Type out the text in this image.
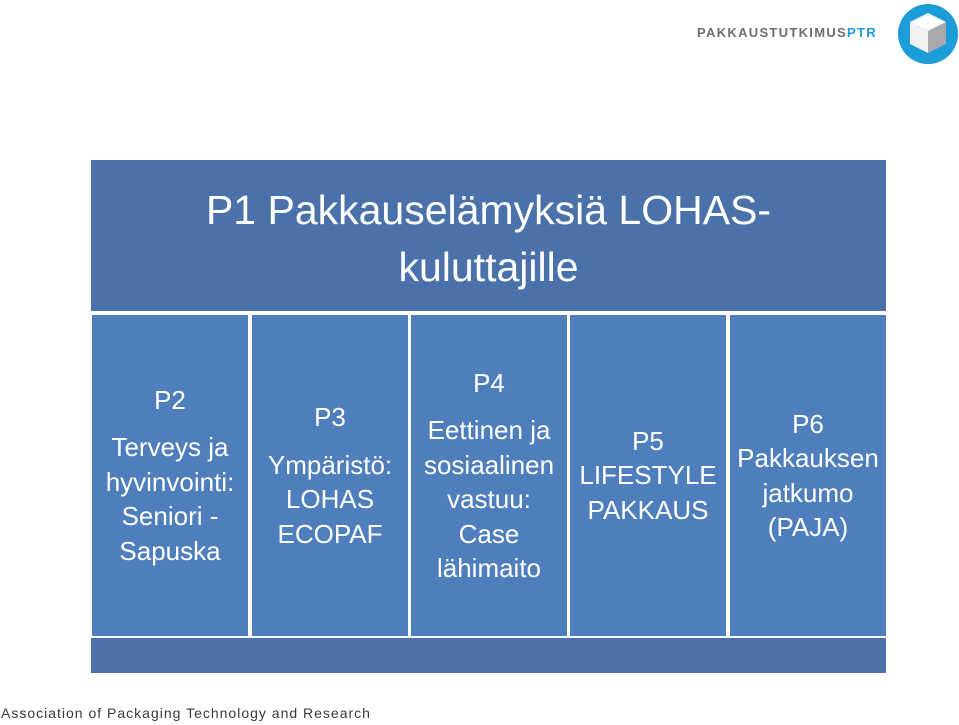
PAKKAUSTUTKIMUSPTR
P1 Pakkauselämyksiä LOHAS-
kuluttajille
P2
Terveys ja
hyvinvointi:
Seniori -
Sapuska
P3
Ympäristö:
LOHAS
ECOPAF
P4
Eettinen ja
sosiaalinen
vastuu:
Case
lähimaito
P5
LIFESTYLE
PAKKAUS
P6
Pakkauksen
jatkumo
(PAJA)
Association of Packaging Technology and Research
